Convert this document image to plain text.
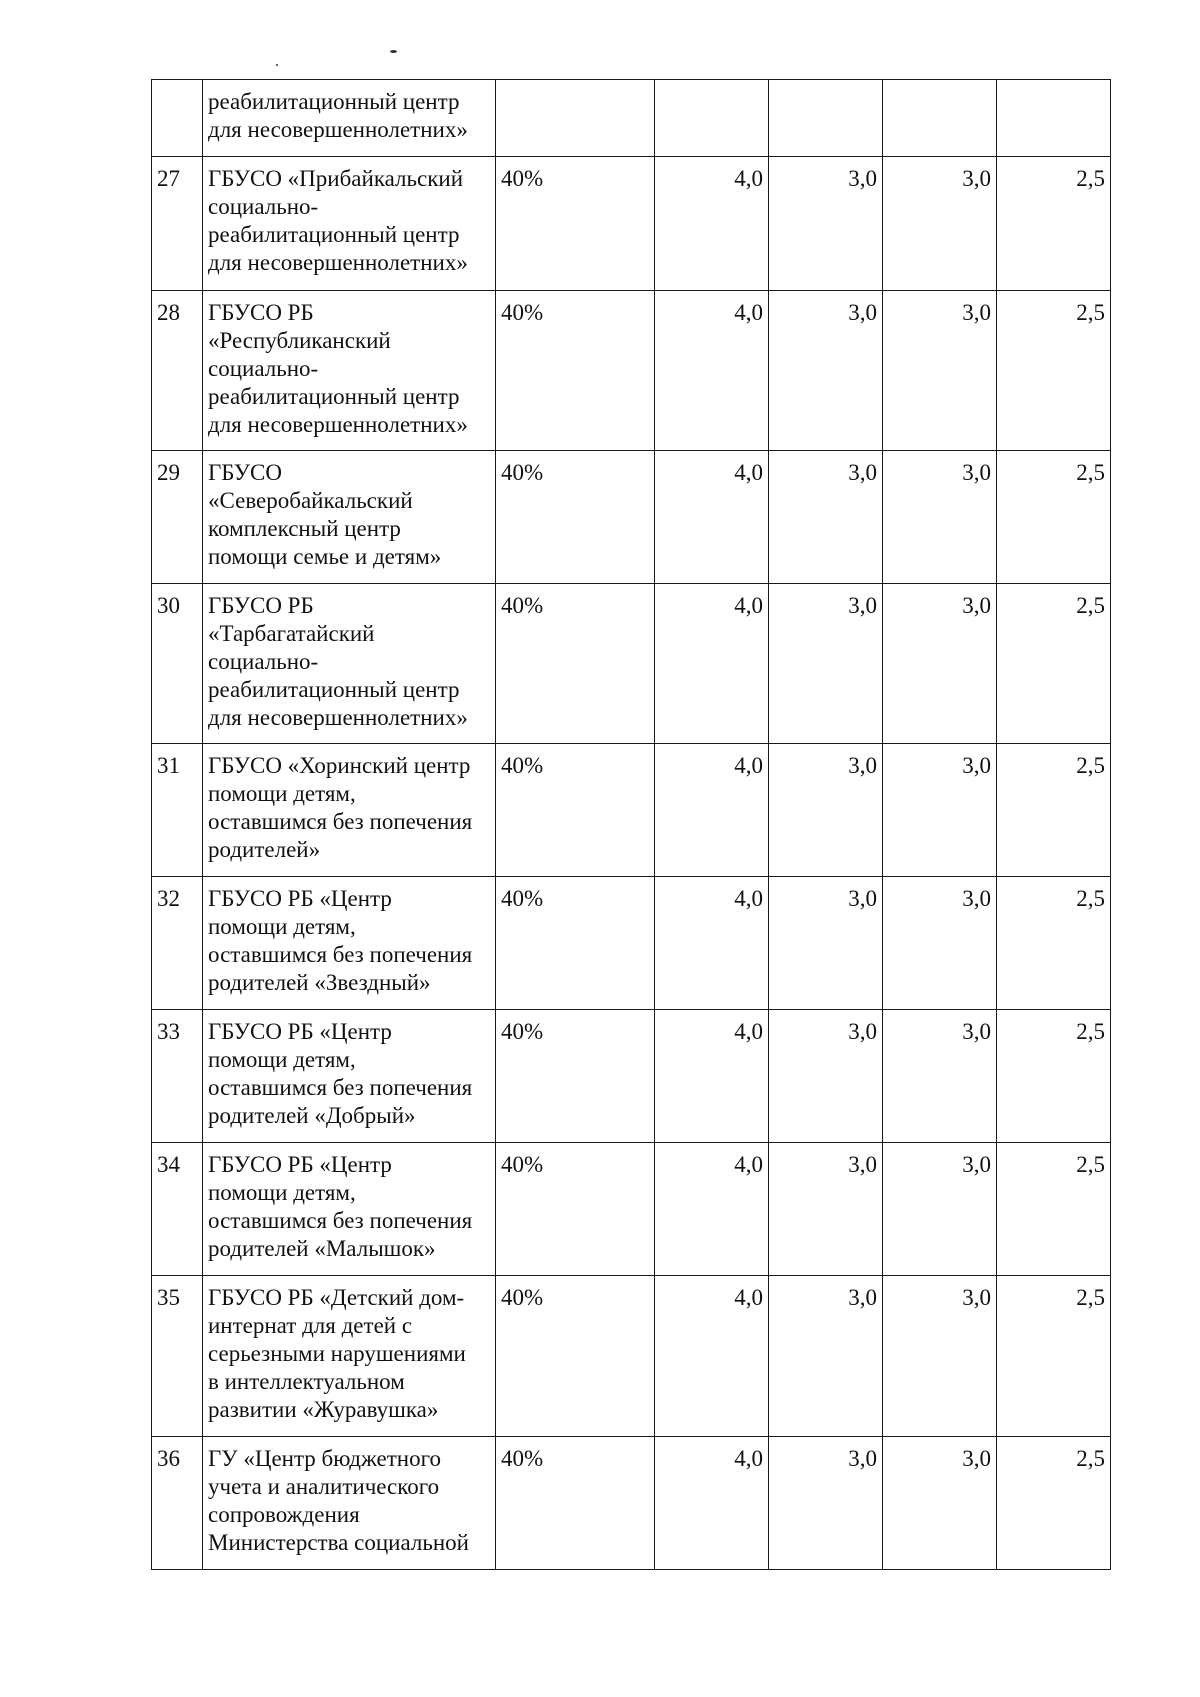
	реабилитационный центр
для несовершеннолетних»					

27	ГБУСО «Прибайкальский
социально-
реабилитационный центр
для несовершеннолетних»	40%	4,0	3,0	3,0	2,5
28	ГБУСО РБ
«Республиканский
социально-
реабилитационный центр
для несовершеннолетних»	40%	4,0	3,0	3,0	2,5
29	ГБУСО
«Северобайкальский
комплексный центр
помощи семье и детям»	40%	4,0	3,0	3,0	2,5
30	ГБУСО РБ
«Тарбагатайский
социально-
реабилитационный центр
для несовершеннолетних»	40%	4,0	3,0	3,0	2,5
31	ГБУСО «Хоринский центр
помощи детям,
оставшимся без попечения
родителей»	40%	4,0	3,0	3,0	2,5
32	ГБУСО РБ «Центр
помощи детям,
оставшимся без попечения
родителей «Звездный»	40%	4,0	3,0	3,0	2,5
33	ГБУСО РБ «Центр
помощи детям,
оставшимся без попечения
родителей «Добрый»	40%	4,0	3,0	3,0	2,5
34	ГБУСО РБ «Центр
помощи детям,
оставшимся без попечения
родителей «Малышок»	40%	4,0	3,0	3,0	2,5
35	ГБУСО РБ «Детский дом-
интернат для детей с
серьезными нарушениями
в интеллектуальном
развитии «Журавушка»	40%	4,0	3,0	3,0	2,5
36	ГУ «Центр бюджетного
учета и аналитического
сопровождения
Министерства социальной	40%	4,0	3,0	3,0	2,5
